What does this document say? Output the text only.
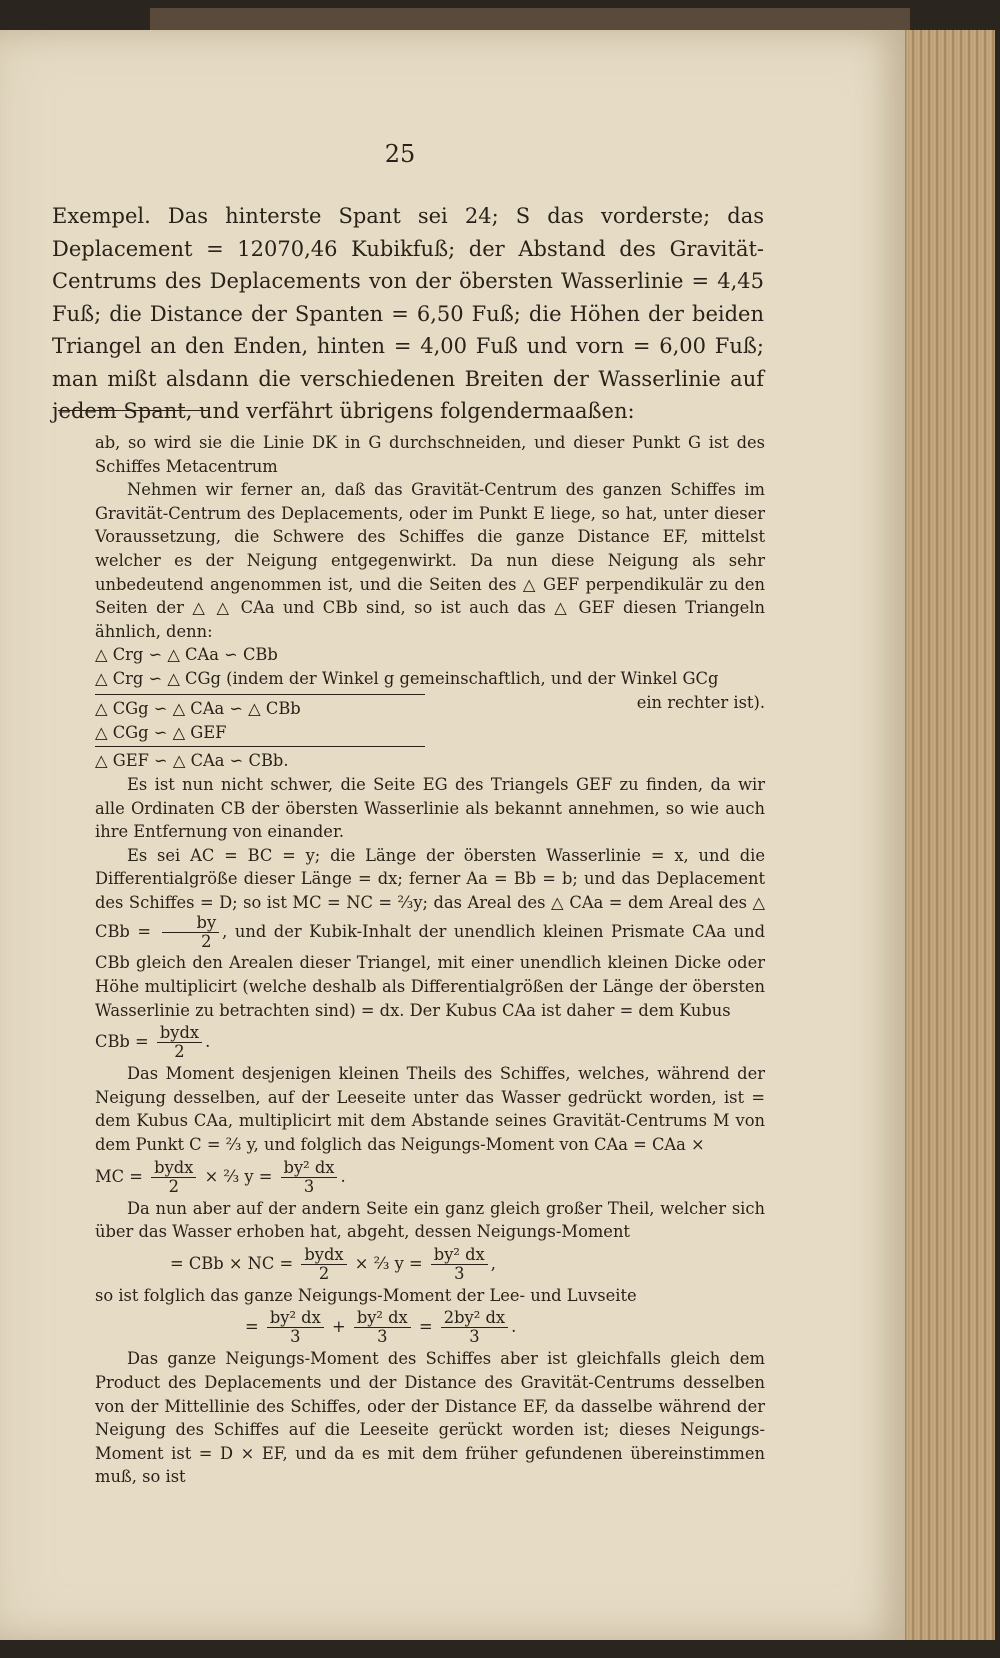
25

Exempel. Das hinterste Spant sei 24; S das vorderste; das Deplacement = 12070,46 Kubikfuß; der Abstand des Gravität-Centrums des Deplacements von der öbersten Wasserlinie = 4,45 Fuß; die Distance der Spanten = 6,50 Fuß; die Höhen der beiden Triangel an den Enden, hinten = 4,00 Fuß und vorn = 6,00 Fuß; man mißt alsdann die verschiedenen Breiten der Wasserlinie auf jedem Spant, und verfährt übrigens folgendermaaßen:

ab, so wird sie die Linie DK in G durchschneiden, und dieser Punkt G ist des Schiffes Metacentrum

Nehmen wir ferner an, daß das Gravität-Centrum des ganzen Schiffes im Gravität-Centrum des Deplacements, oder im Punkt E liege, so hat, unter dieser Voraussetzung, die Schwere des Schiffes die ganze Distance EF, mittelst welcher es der Neigung entgegenwirkt. Da nun diese Neigung als sehr unbedeutend angenommen ist, und die Seiten des △ GEF perpendikulär zu den Seiten der △ △ CAa und CBb sind, so ist auch das △ GEF diesen Triangeln ähnlich, denn:

△ Crg ∽ △ CAa ∽ CBb
△ Crg ∽ △ CGg (indem der Winkel g gemeinschaftlich, und der Winkel GCg
ein rechter ist).
△ CGg ∽ △ CAa ∽ △ CBb
△ CGg ∽ △ GEF
△ GEF ∽ △ CAa ∽ CBb.

Es ist nun nicht schwer, die Seite EG des Triangels GEF zu finden, da wir alle Ordinaten CB der öbersten Wasserlinie als bekannt annehmen, so wie auch ihre Entfernung von einander.

Es sei AC = BC = y; die Länge der öbersten Wasserlinie = x, und die Differentialgröße dieser Länge = dx; ferner Aa = Bb = b; und das Deplacement des Schiffes = D; so ist MC = NC = ⅔y; das Areal des △ CAa = dem Areal des △ CBb = $\frac{by}{2}$ , und der Kubik-Inhalt der unendlich kleinen Prismate CAa und CBb gleich den Arealen dieser Triangel, mit einer unendlich kleinen Dicke oder Höhe multiplicirt (welche deshalb als Differentialgrößen der Länge der öbersten Wasserlinie zu betrachten sind) = dx. Der Kubus CAa ist daher = dem Kubus

CBb = $\frac{\text{bydx}}{2}$ .

Das Moment desjenigen kleinen Theils des Schiffes, welches, während der Neigung desselben, auf der Leeseite unter das Wasser gedrückt worden, ist = dem Kubus CAa, multiplicirt mit dem Abstande seines Gravität-Centrums M von dem Punkt C = ⅔ y, und folglich das Neigungs-Moment von CAa = CAa ×

MC = $\frac{\text{bydx}}{2}$ × ⅔ $y = \frac{\text{by² dx}}{3}$ .

Da nun aber auf der andern Seite ein ganz gleich großer Theil, welcher sich über das Wasser erhoben hat, abgeht, dessen Neigungs-Moment

= CBb × NC = $\frac{\text{bydx}}{2}$ × ⅔ $y = \frac{\text{by² dx}}{3}$ ,

so ist folglich das ganze Neigungs-Moment der Lee- und Luvseite

= $\frac{\text{by² dx}}{3} + \frac{\text{by² dx}}{3} = \frac{\text{2by² dx}}{3}$ .

Das ganze Neigungs-Moment des Schiffes aber ist gleichfalls gleich dem Product des Deplacements und der Distance des Gravität-Centrums desselben von der Mittellinie des Schiffes, oder der Distance EF, da dasselbe während der Neigung des Schiffes auf die Leeseite gerückt worden ist; dieses Neigungs-Moment ist = D × EF, und da es mit dem früher gefundenen übereinstimmen muß, so ist
